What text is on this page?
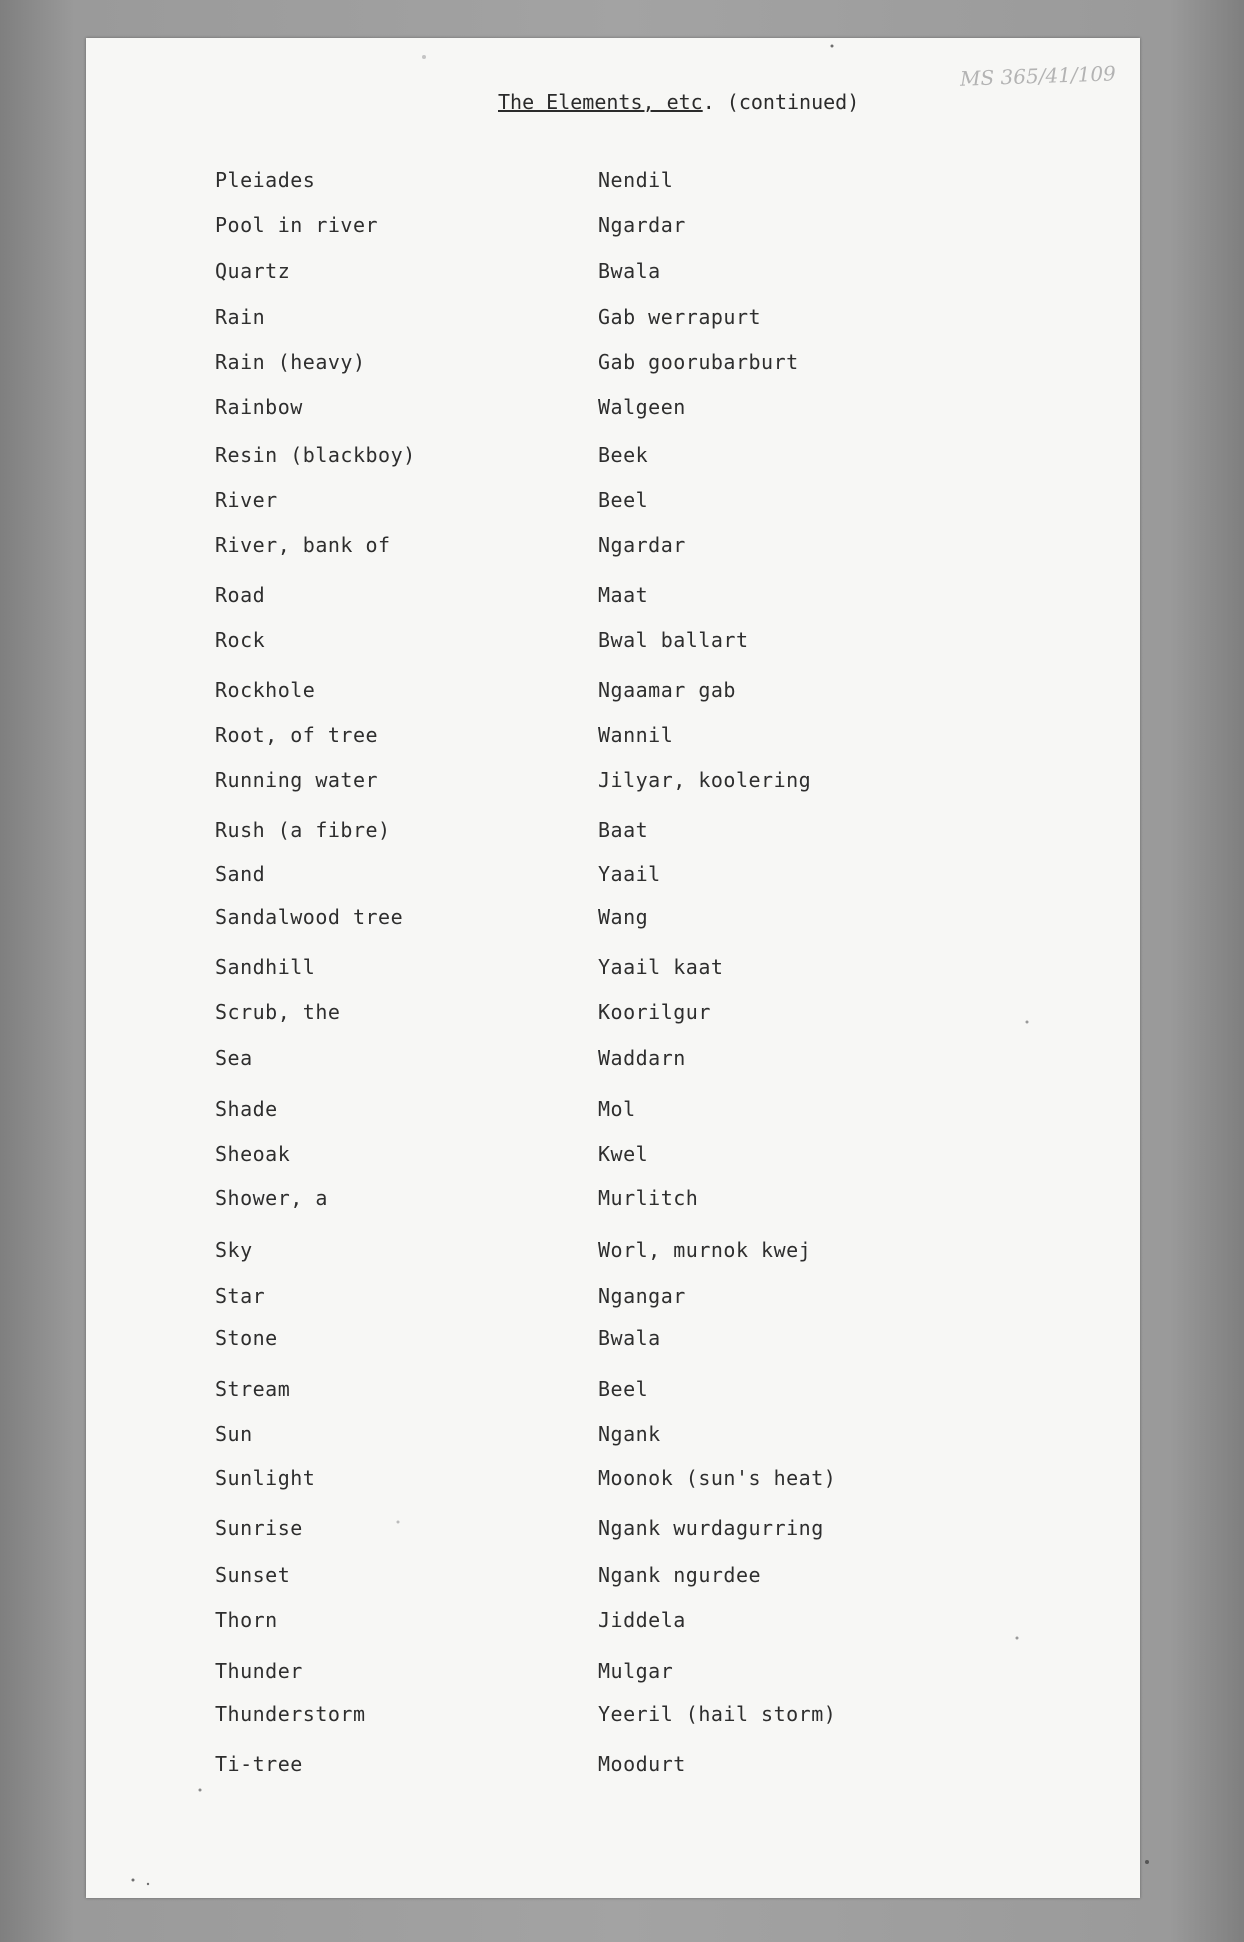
MS 365/41/109
The Elements, etc. (continued)
Pleiades	Nendil
Pool in river	Ngardar
Quartz	Bwala
Rain	Gab werrapurt
Rain (heavy)	Gab goorubarburt
Rainbow	Walgeen
Resin (blackboy)	Beek
River	Beel
River, bank of	Ngardar
Road	Maat
Rock	Bwal ballart
Rockhole	Ngaamar gab
Root, of tree	Wannil
Running water	Jilyar, koolering
Rush (a fibre)	Baat
Sand	Yaail
Sandalwood tree	Wang
Sandhill	Yaail kaat
Scrub, the	Koorilgur
Sea	Waddarn
Shade	Mol
Sheoak	Kwel
Shower, a	Murlitch
Sky	Worl, murnok kwej
Star	Ngangar
Stone	Bwala
Stream	Beel
Sun	Ngank
Sunlight	Moonok (sun's heat)
Sunrise	Ngank wurdagurring
Sunset	Ngank ngurdee
Thorn	Jiddela
Thunder	Mulgar
Thunderstorm	Yeeril (hail storm)
Ti-tree	Moodurt
